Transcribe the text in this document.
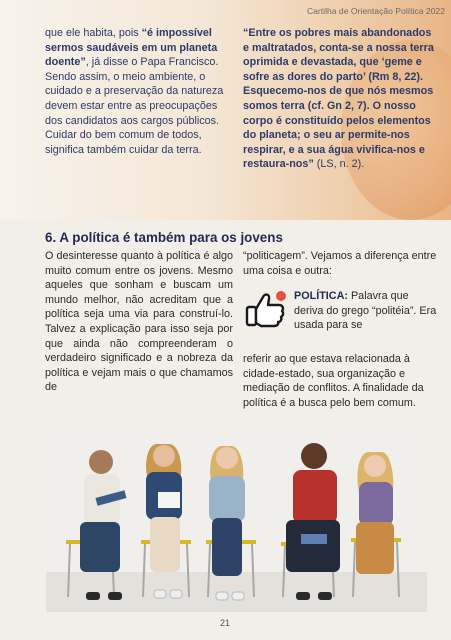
Cartilha de Orientação Política 2022
que ele habita, pois “é impossível sermos saudáveis em um planeta doente”, já disse o Papa Francisco. Sendo assim, o meio ambiente, o cuidado e a preservação da natureza devem estar entre as preocupações dos candidatos aos cargos públicos. Cuidar do bem comum de todos, significa também cuidar da terra.
“Entre os pobres mais abandonados e maltratados, conta-se a nossa terra oprimida e devastada, que ‘geme e sofre as dores do parto’ (Rm 8, 22). Esquecemo-nos de que nós mesmos somos terra (cf. Gn 2, 7). O nosso corpo é constituído pelos elementos do planeta; o seu ar permite-nos respirar, e a sua água vivifica-nos e restaura-nos” (LS, n. 2).
6. A política é também para os jovens
O desinteresse quanto à política é algo muito comum entre os jovens. Mesmo aqueles que sonham e buscam um mundo melhor, não acreditam que a política seja uma via para construí-lo. Talvez a explicação para isso seja por que ainda não compreenderam o verdadeiro significado e a nobreza da política e vejam mais o que chamamos de
“politicagem”. Vejamos a diferença entre uma coisa e outra:
POLÍTICA: Palavra que deriva do grego “politéia”. Era usada para se
referir ao que estava relacionada à cidade-estado, sua organização e mediação de conflitos. A finalidade da política é a busca pelo bem comum.
21
